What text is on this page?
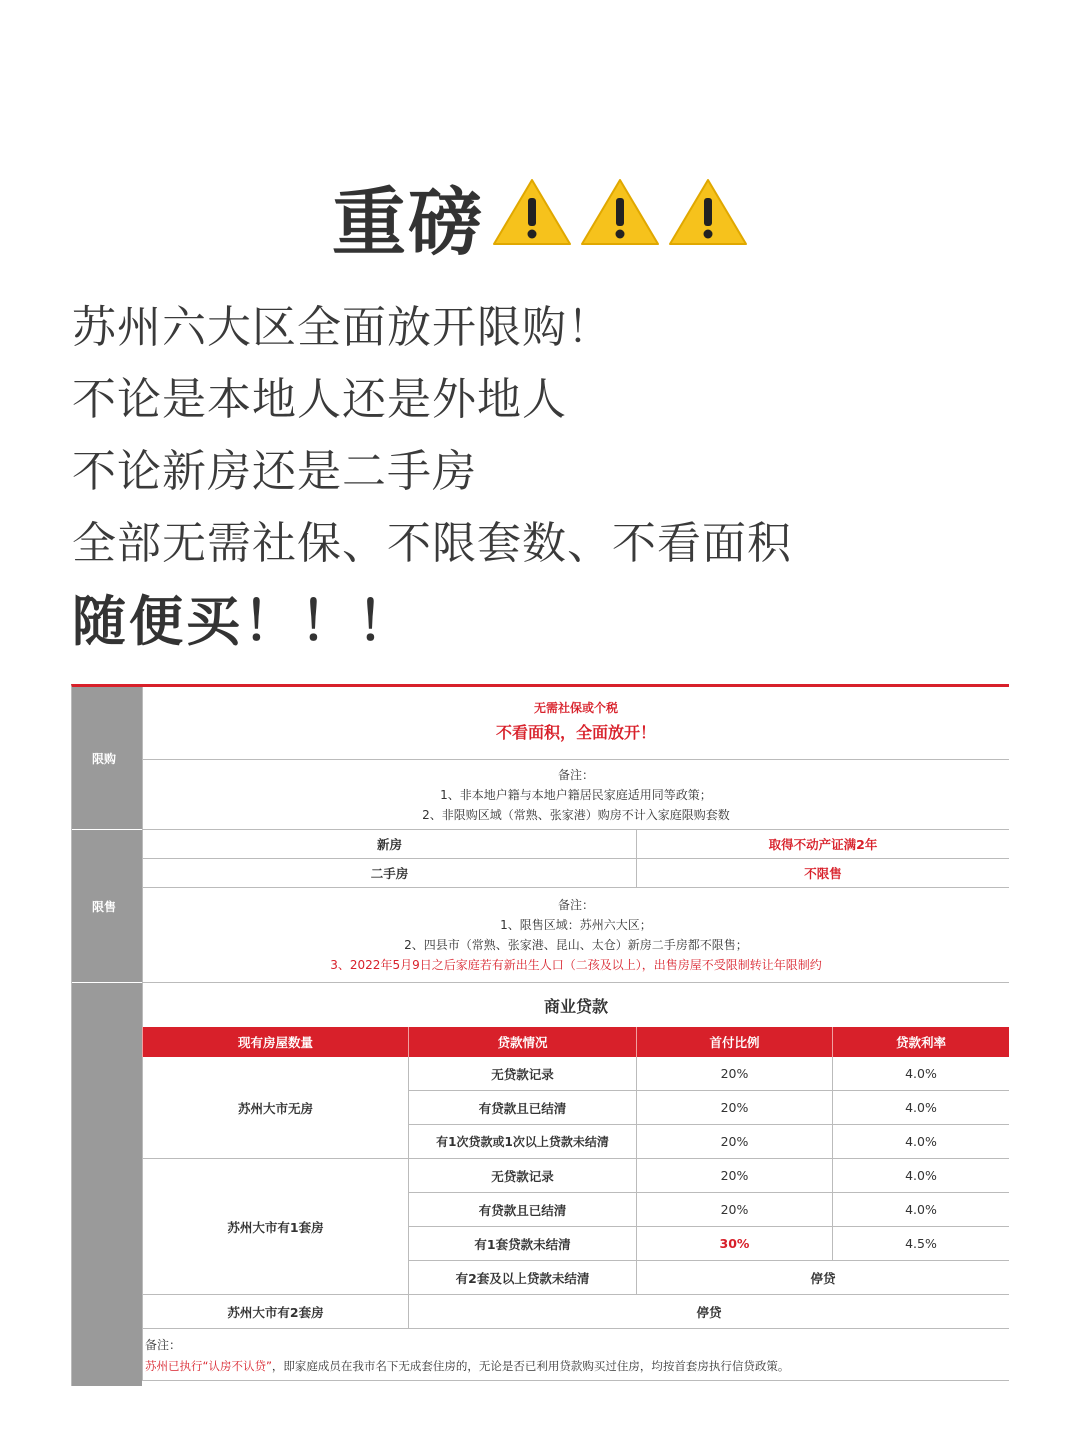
重磅
苏州六大区全面放开限购！
不论是本地人还是外地人
不论新房还是二手房
全部无需社保、不限套数、不看面积
随便买！！！
限购
限售
无需社保或个税
不看面积，全面放开！
备注：
1、非本地户籍与本地户籍居民家庭适用同等政策；
2、非限购区域（常熟、张家港）购房不计入家庭限购套数
新房	取得不动产证满2年
二手房	不限售
备注：
1、限售区域：苏州六大区；
2、四县市（常熟、张家港、昆山、太仓）新房二手房都不限售；
3、2022年5月9日之后家庭若有新出生人口（二孩及以上），出售房屋不受限制转让年限制约
商业贷款
现有房屋数量	贷款情况	首付比例	贷款利率
苏州大市无房
无贷款记录	20%	4.0%
有贷款且已结清	20%	4.0%
有1次贷款或1次以上贷款未结清	20%	4.0%
苏州大市有1套房
无贷款记录	20%	4.0%
有贷款且已结清	20%	4.0%
有1套贷款未结清	30%	4.5%
有2套及以上贷款未结清	停贷
苏州大市有2套房	停贷
备注：
苏州已执行“认房不认贷”，即家庭成员在我市名下无成套住房的，无论是否已利用贷款购买过住房，均按首套房执行信贷政策。
